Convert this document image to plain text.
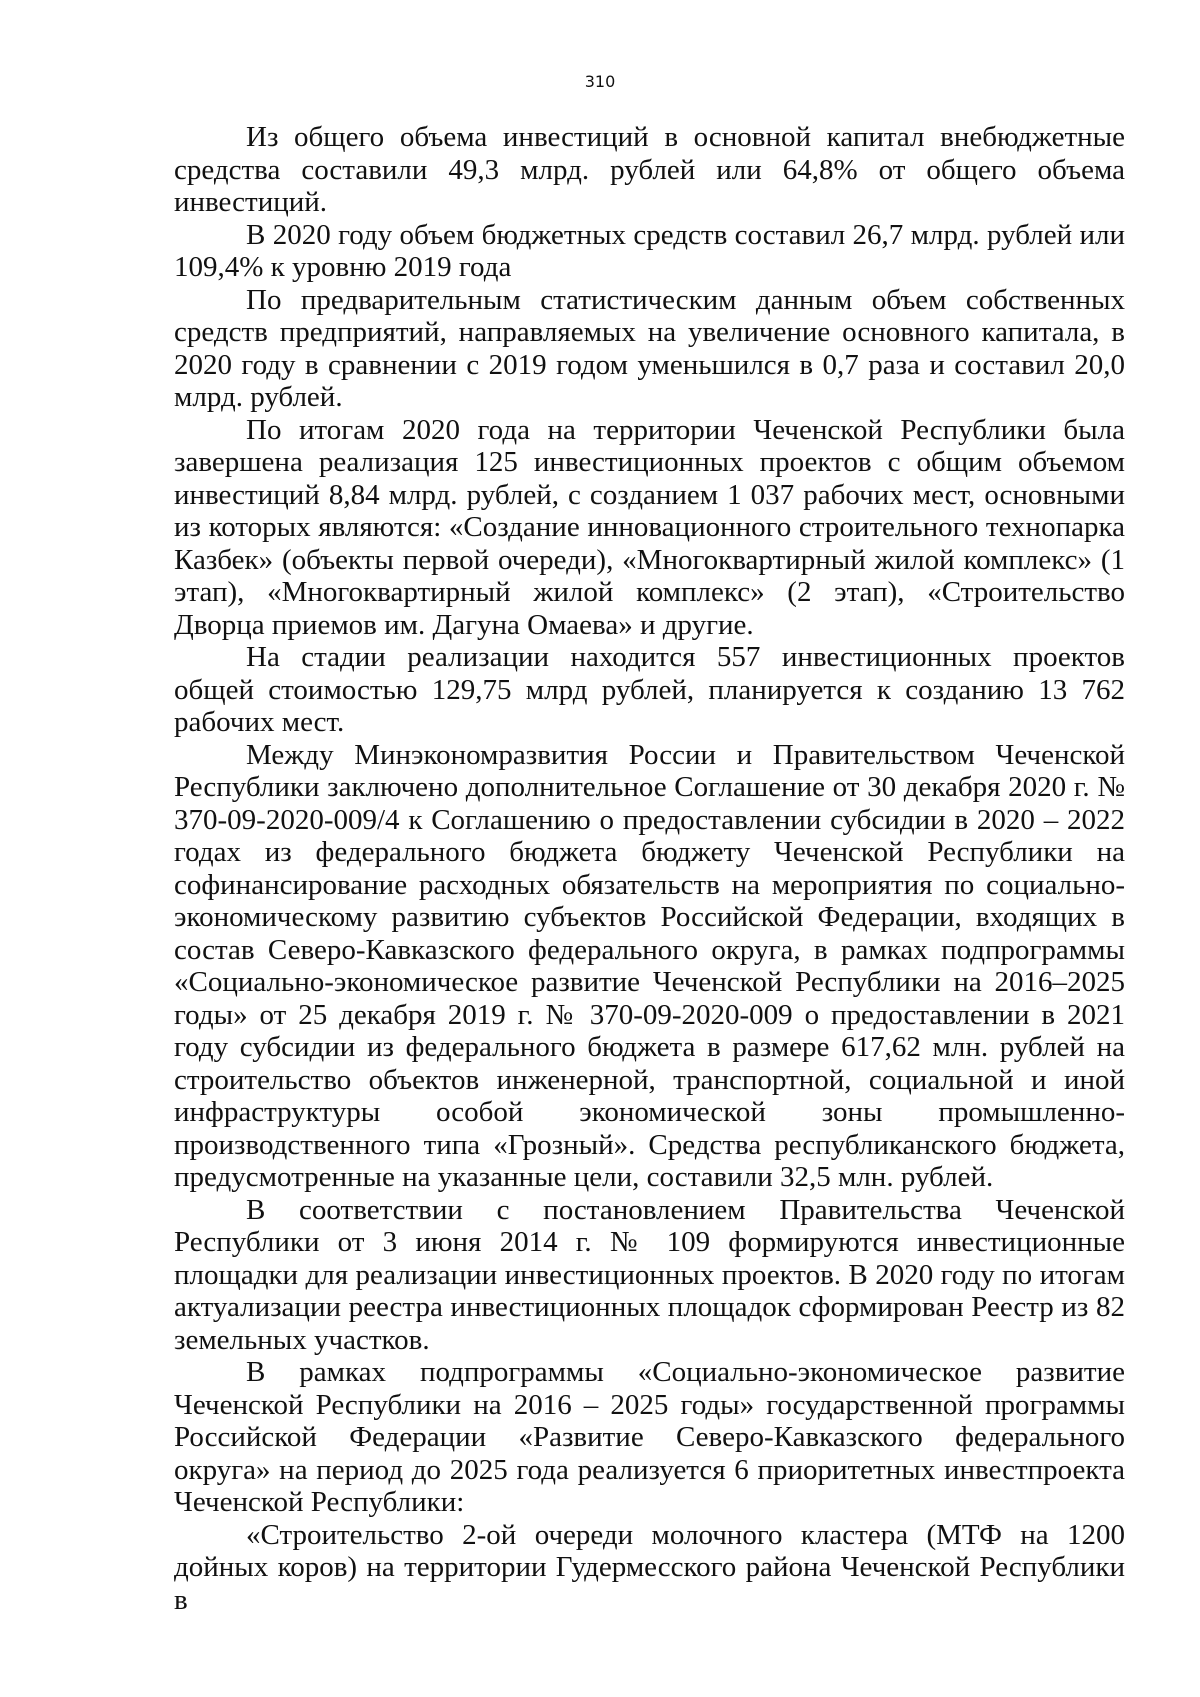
310

Из общего объема инвестиций в основной капитал внебюджетные средства составили 49,3 млрд. рублей или 64,8% от общего объема инвестиций.

В 2020 году объем бюджетных средств составил 26,7 млрд. рублей или 109,4% к уровню 2019 года

По предварительным статистическим данным объем собственных средств предприятий, направляемых на увеличение основного капитала, в 2020 году в сравнении с 2019 годом уменьшился в 0,7 раза и составил 20,0 млрд. рублей.

По итогам 2020 года на территории Чеченской Республики была завершена реализация 125 инвестиционных проектов с общим объемом инвестиций 8,84 млрд. рублей, с созданием 1 037 рабочих мест, основными из которых являются: «Создание инновационного строительного технопарка Казбек» (объекты первой очереди), «Многоквартирный жилой комплекс» (1 этап), «Многоквартирный жилой комплекс» (2 этап), «Строительство Дворца приемов им. Дагуна Омаева» и другие.

На стадии реализации находится 557 инвестиционных проектов общей стоимостью 129,75 млрд рублей, планируется к созданию 13 762 рабочих мест.

Между Минэкономразвития России и Правительством Чеченской Республики заключено дополнительное Соглашение от 30 декабря 2020 г. № 370-09-2020-009/4 к Соглашению о предоставлении субсидии в 2020 – 2022 годах из федерального бюджета бюджету Чеченской Республики на софинансирование расходных обязательств на мероприятия по социально-экономическому развитию субъектов Российской Федерации, входящих в состав Северо-Кавказского федерального округа, в рамках подпрограммы «Социально-экономическое развитие Чеченской Республики на 2016–2025 годы» от 25 декабря 2019 г. № 370-09-2020-009 о предоставлении в 2021 году субсидии из федерального бюджета в размере 617,62 млн. рублей на строительство объектов инженерной, транспортной, социальной и иной инфраструктуры особой экономической зоны промышленно-производственного типа «Грозный». Средства республиканского бюджета, предусмотренные на указанные цели, составили 32,5 млн. рублей.

В соответствии с постановлением Правительства Чеченской Республики от 3 июня 2014 г. № 109 формируются инвестиционные площадки для реализации инвестиционных проектов. В 2020 году по итогам актуализации реестра инвестиционных площадок сформирован Реестр из 82 земельных участков.

В рамках подпрограммы «Социально-экономическое развитие Чеченской Республики на 2016 – 2025 годы» государственной программы Российской Федерации «Развитие Северо-Кавказского федерального округа» на период до 2025 года реализуется 6 приоритетных инвестпроекта Чеченской Республики:

«Строительство 2-ой очереди молочного кластера (МТФ на 1200 дойных коров) на территории Гудермесского района Чеченской Республики в
